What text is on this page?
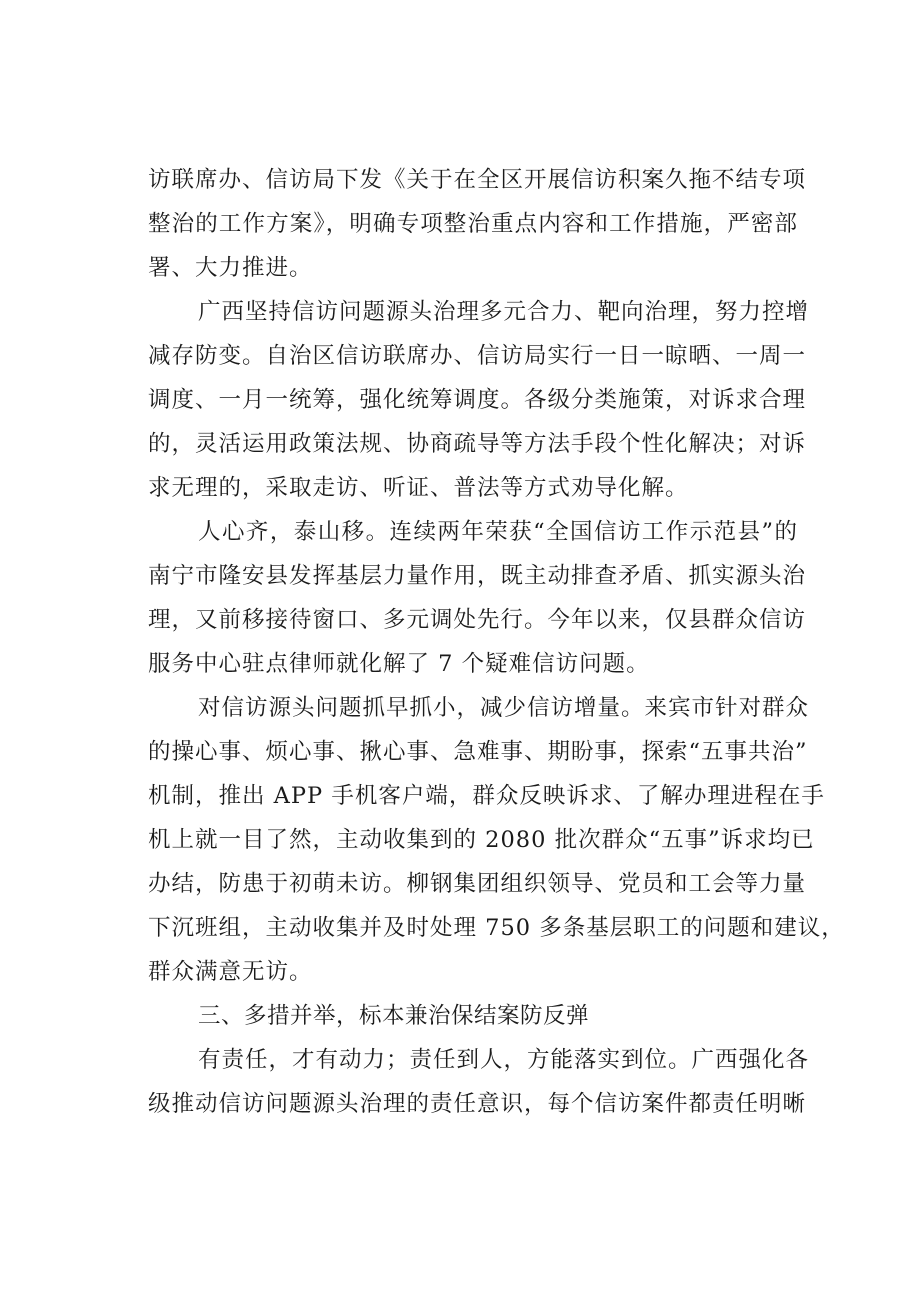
访联席办、信访局下发《关于在全区开展信访积案久拖不结专项
整治的工作方案》，明确专项整治重点内容和工作措施，严密部
署、大力推进。
广西坚持信访问题源头治理多元合力、靶向治理，努力控增
减存防变。自治区信访联席办、信访局实行一日一晾晒、一周一
调度、一月一统筹，强化统筹调度。各级分类施策，对诉求合理
的，灵活运用政策法规、协商疏导等方法手段个性化解决；对诉
求无理的，采取走访、听证、普法等方式劝导化解。
人心齐，泰山移。连续两年荣获“全国信访工作示范县”的
南宁市隆安县发挥基层力量作用，既主动排查矛盾、抓实源头治
理，又前移接待窗口、多元调处先行。今年以来，仅县群众信访
服务中心驻点律师就化解了 7 个疑难信访问题。
对信访源头问题抓早抓小，减少信访增量。来宾市针对群众
的操心事、烦心事、揪心事、急难事、期盼事，探索“五事共治”
机制，推出 APP 手机客户端，群众反映诉求、了解办理进程在手
机上就一目了然，主动收集到的 2080 批次群众“五事”诉求均已
办结，防患于初萌未访。柳钢集团组织领导、党员和工会等力量
下沉班组，主动收集并及时处理 750 多条基层职工的问题和建议，
群众满意无访。
三、多措并举，标本兼治保结案防反弹
有责任，才有动力；责任到人，方能落实到位。广西强化各
级推动信访问题源头治理的责任意识，每个信访案件都责任明晰
